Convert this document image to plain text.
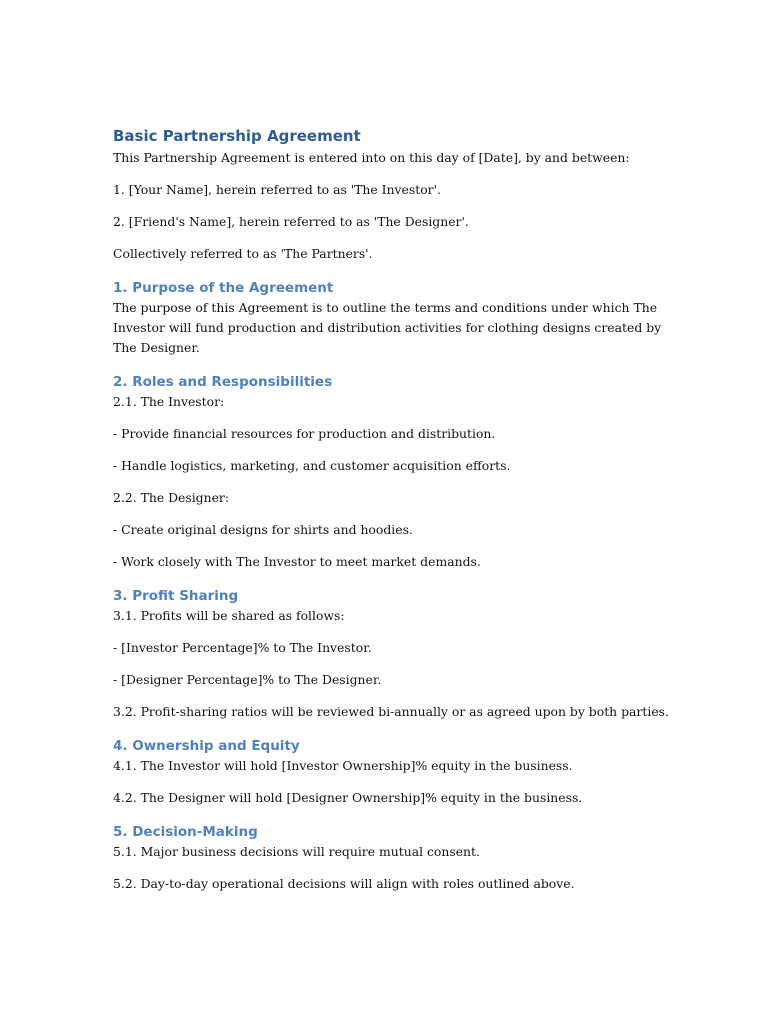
Basic Partnership Agreement

This Partnership Agreement is entered into on this day of [Date], by and between:

1. [Your Name], herein referred to as 'The Investor'.

2. [Friend's Name], herein referred to as 'The Designer'.

Collectively referred to as 'The Partners'.

1. Purpose of the Agreement

The purpose of this Agreement is to outline the terms and conditions under which The Investor will fund production and distribution activities for clothing designs created by The Designer.

2. Roles and Responsibilities

2.1. The Investor:

- Provide financial resources for production and distribution.

- Handle logistics, marketing, and customer acquisition efforts.

2.2. The Designer:

- Create original designs for shirts and hoodies.

- Work closely with The Investor to meet market demands.

3. Profit Sharing

3.1. Profits will be shared as follows:

- [Investor Percentage]% to The Investor.

- [Designer Percentage]% to The Designer.

3.2. Profit-sharing ratios will be reviewed bi-annually or as agreed upon by both parties.

4. Ownership and Equity

4.1. The Investor will hold [Investor Ownership]% equity in the business.

4.2. The Designer will hold [Designer Ownership]% equity in the business.

5. Decision-Making

5.1. Major business decisions will require mutual consent.

5.2. Day-to-day operational decisions will align with roles outlined above.
